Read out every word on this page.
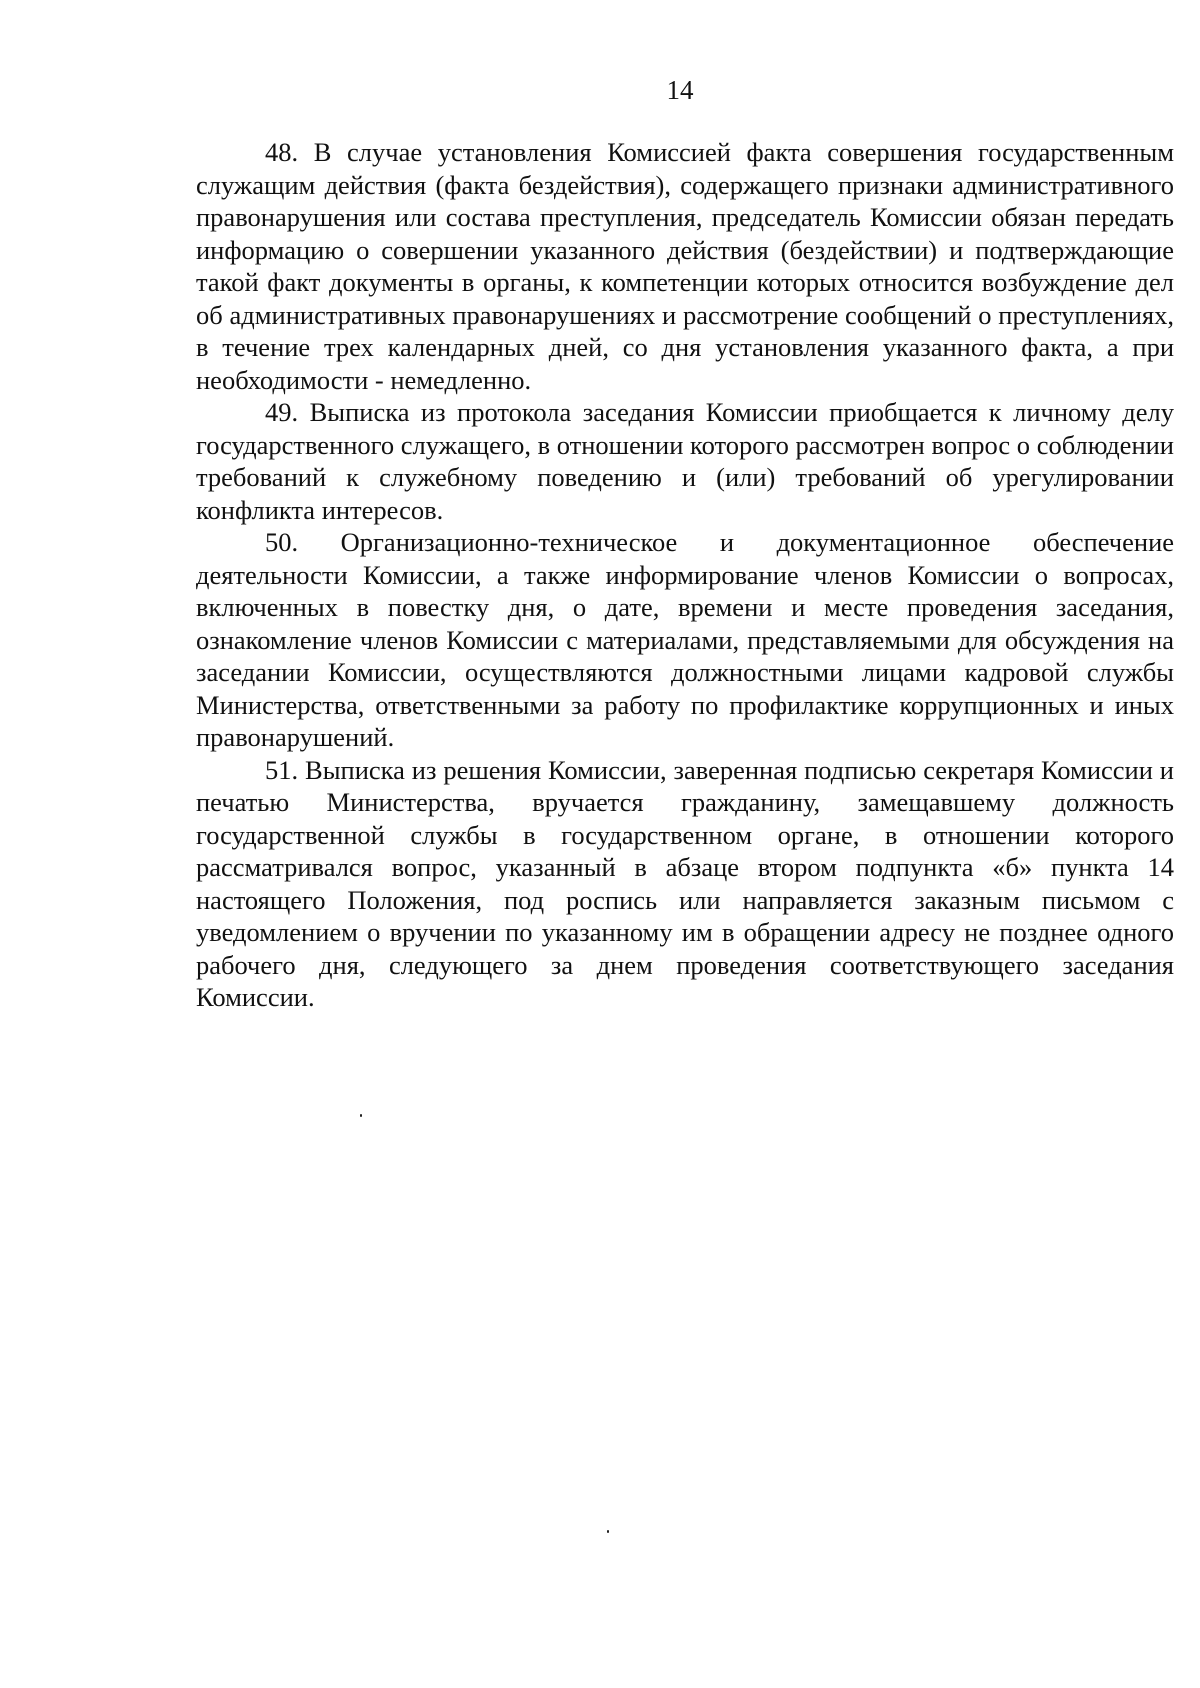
14

48. В случае установления Комиссией факта совершения государственным служащим действия (факта бездействия), содержащего признаки административного правонарушения или состава преступления, председатель Комиссии обязан передать информацию о совершении указанного действия (бездействии) и подтверждающие такой факт документы в органы, к компетенции которых относится возбуждение дел об административных правонарушениях и рассмотрение сообщений о преступлениях, в течение трех календарных дней, со дня установления указанного факта, а при необходимости - немедленно.

49. Выписка из протокола заседания Комиссии приобщается к личному делу государственного служащего, в отношении которого рассмотрен вопрос о соблюдении требований к служебному поведению и (или) требований об урегулировании конфликта интересов.

50. Организационно-техническое и документационное обеспечение деятельности Комиссии, а также информирование членов Комиссии о вопросах, включенных в повестку дня, о дате, времени и месте проведения заседания, ознакомление членов Комиссии с материалами, представляемыми для обсуждения на заседании Комиссии, осуществляются должностными лицами кадровой службы Министерства, ответственными за работу по профилактике коррупционных и иных правонарушений.

51. Выписка из решения Комиссии, заверенная подписью секретаря Комиссии и печатью Министерства, вручается гражданину, замещавшему должность государственной службы в государственном органе, в отношении которого рассматривался вопрос, указанный в абзаце втором подпункта «б» пункта 14 настоящего Положения, под роспись или направляется заказным письмом с уведомлением о вручении по указанному им в обращении адресу не позднее одного рабочего дня, следующего за днем проведения соответствующего заседания Комиссии.
